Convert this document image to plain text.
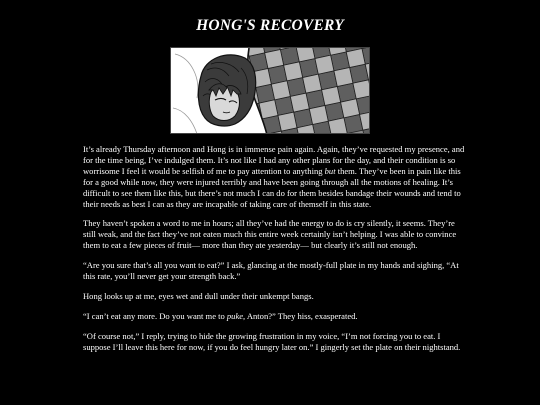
HONG'S RECOVERY

It’s already Thursday afternoon and Hong is in immense pain again. Again, they’ve requested my presence, and for the time being, I’ve indulged them. It’s not like I had any other plans for the day, and their condition is so worrisome I feel it would be selfish of me to pay attention to anything but them. They’ve been in pain like this for a good while now, they were injured terribly and have been going through all the motions of healing. It’s difficult to see them like this, but there’s not much I can do for them besides bandage their wounds and tend to their needs as best I can as they are incapable of taking care of themself in this state.

They haven’t spoken a word to me in hours; all they’ve had the energy to do is cry silently, it seems. They’re still weak, and the fact they’ve not eaten much this entire week certainly isn’t helping. I was able to convince them to eat a few pieces of fruit— more than they ate yesterday— but clearly it’s still not enough.

“Are you sure that’s all you want to eat?” I ask, glancing at the mostly-full plate in my hands and sighing, “At this rate, you’ll never get your strength back.”

Hong looks up at me, eyes wet and dull under their unkempt bangs.

“I can’t eat any more. Do you want me to puke, Anton?” They hiss, exasperated.

“Of course not,” I reply, trying to hide the growing frustration in my voice, “I’m not forcing you to eat. I suppose I’ll leave this here for now, if you do feel hungry later on.” I gingerly set the plate on their nightstand.
